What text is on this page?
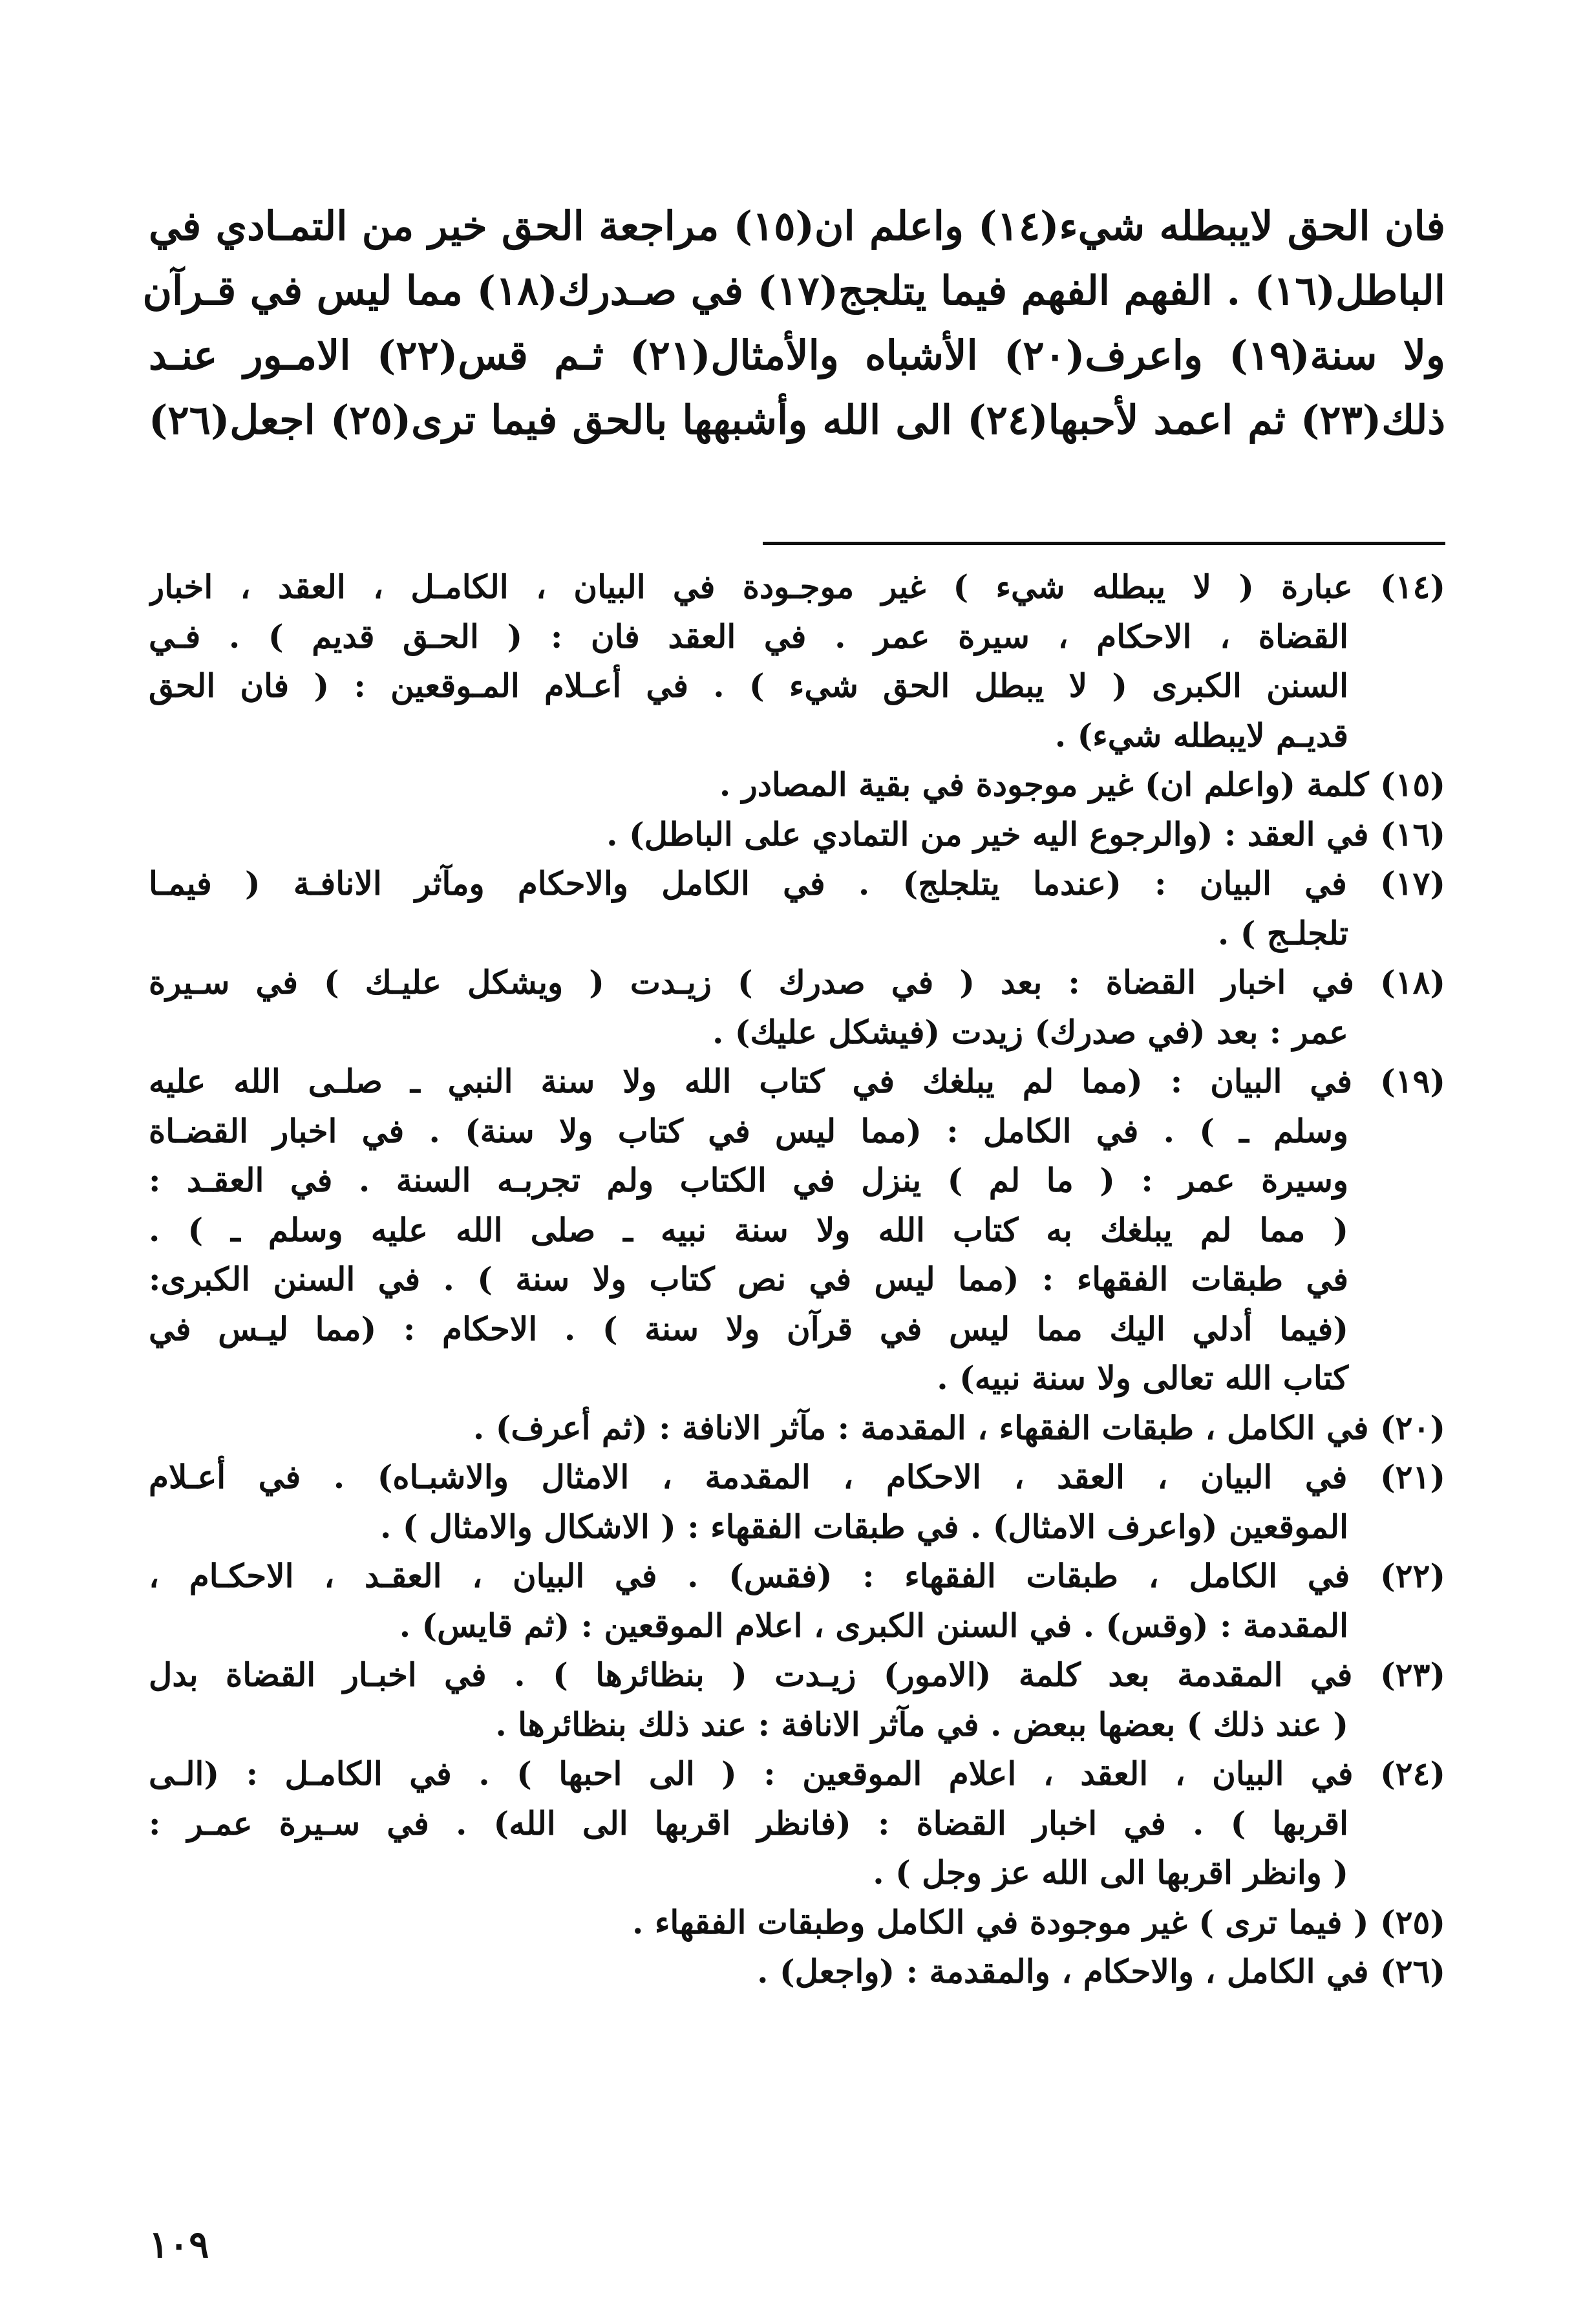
فان الحق لايبطله شيء(١٤) واعلم ان(١٥) مراجعة الحق خير من التمـادي في
الباطل(١٦) . الفهم الفهم فيما يتلجج(١٧) في صـدرك(١٨) مما ليس في قـرآن
ولا سنة(١٩) واعرف(٢٠) الأشباه والأمثال(٢١) ثـم قس(٢٢) الامـور عنـد
ذلك(٢٣) ثم اعمد لأحبها(٢٤) الى الله وأشبهها بالحق فيما ترى(٢٥) اجعل(٢٦)
(١٤) عبارة ( لا يبطله شيء ) غير موجـودة في البيان ، الكامـل ، العقد ، اخبار
القضاة ، الاحكام ، سيرة عمر . في العقد فان : ( الحـق قديم ) . فـي
السنن الكبرى ( لا يبطل الحق شيء ) . في أعـلام المـوقعين : ( فان الحق
قديـم لايبطله شيء) .
(١٥) كلمة (واعلم ان) غير موجودة في بقية المصادر .
(١٦) في العقد : (والرجوع اليه خير من التمادي على الباطل) .
(١٧) في البيان : (عندما يتلجلج) . في الكامل والاحكام ومآثر الانافـة ( فيمـا
تلجلـج ) .
(١٨) في اخبار القضاة : بعد ( في صدرك ) زيـدت ( ويشكل عليـك ) في سـيرة
عمر : بعد (في صدرك) زيدت (فيشكل عليك) .
(١٩) في البيان : (مما لم يبلغك في كتاب الله ولا سنة النبي ـ صلـى الله عليه
وسلم ـ ) . في الكامل : (مما ليس في كتاب ولا سنة) . في اخبار القضـاة
وسيرة عمر : ( ما لم ) ينزل في الكتاب ولم تجربـه السنة . في العقـد :
( مما لم يبلغك به كتاب الله ولا سنة نبيه ـ صلى الله عليه وسلم ـ ) .
في طبقات الفقهاء : (مما ليس في نص كتاب ولا سنة ) . في السنن الكبرى:
(فيما أدلي اليك مما ليس في قرآن ولا سنة ) . الاحكام : (مما ليـس في
كتاب الله تعالى ولا سنة نبيه) .
(٢٠) في الكامل ، طبقات الفقهاء ، المقدمة : مآثر الانافة : (ثم أعرف) .
(٢١) في البيان ، العقد ، الاحكام ، المقدمة ، الامثال والاشبـاه) . في أعـلام
الموقعين (واعرف الامثال) . في طبقات الفقهاء : ( الاشكال والامثال ) .
(٢٢) في الكامل ، طبقات الفقهاء : (فقس) . في البيان ، العقـد ، الاحكـام ،
المقدمة : (وقس) . في السنن الكبرى ، اعلام الموقعين : (ثم قايس) .
(٢٣) في المقدمة بعد كلمة (الامور) زيـدت ( بنظائرها ) . في اخبـار القضاة بدل
( عند ذلك ) بعضها ببعض . في مآثر الانافة : عند ذلك بنظائرها .
(٢٤) في البيان ، العقد ، اعلام الموقعين : ( الى احبها ) . في الكامـل : (الـى
اقربها ) . في اخبار القضاة : (فانظر اقربها الى الله) . في سـيرة عمـر :
( وانظر اقربها الى الله عز وجل ) .
(٢٥) ( فيما ترى ) غير موجودة في الكامل وطبقات الفقهاء .
(٢٦) في الكامل ، والاحكام ، والمقدمة : (واجعل) .
١٠٩
